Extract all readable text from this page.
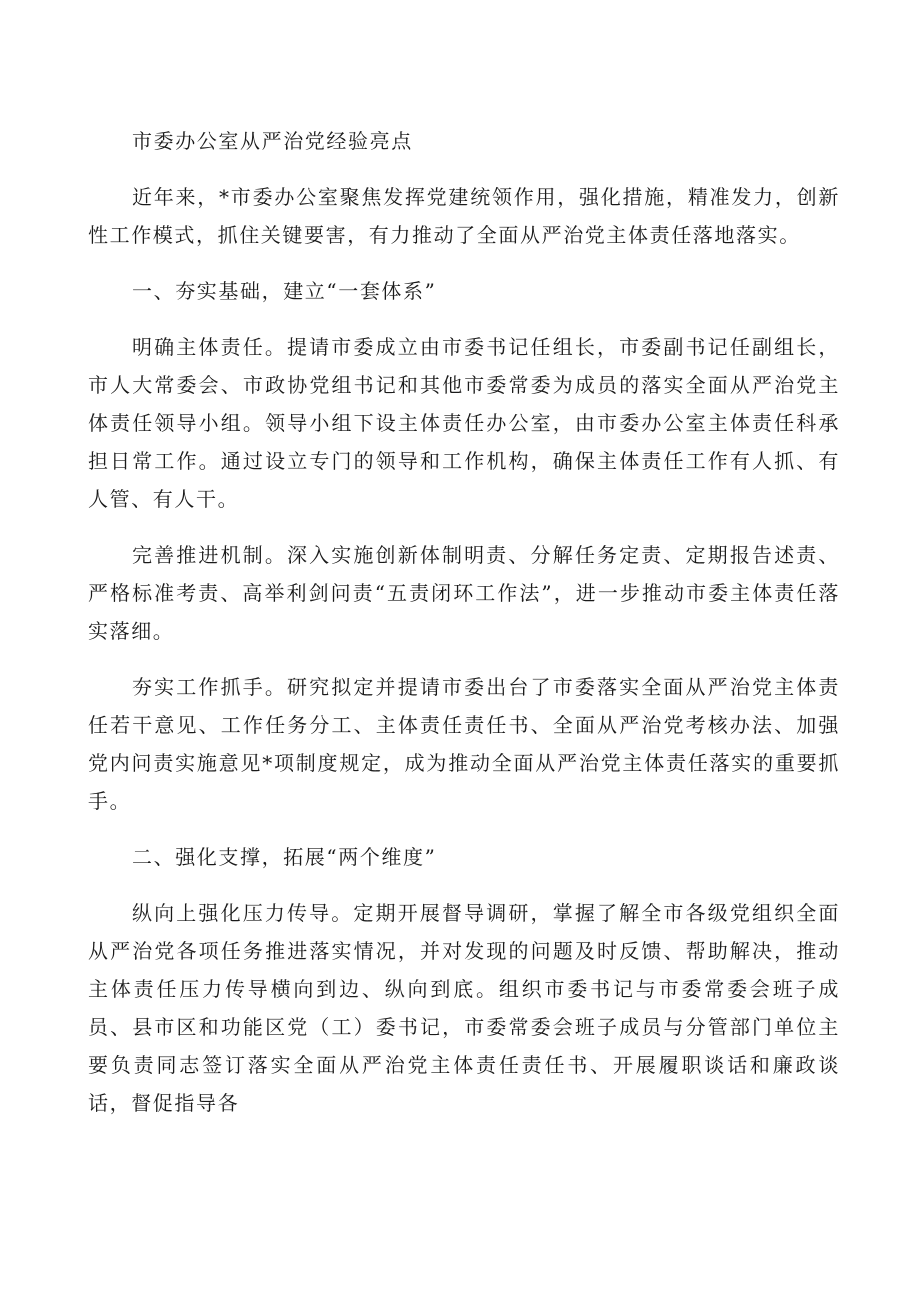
市委办公室从严治党经验亮点

近年来，*市委办公室聚焦发挥党建统领作用，强化措施，精准发力，创新性工作模式，抓住关键要害，有力推动了全面从严治党主体责任落地落实。

一、夯实基础，建立“一套体系”

明确主体责任。提请市委成立由市委书记任组长，市委副书记任副组长，市人大常委会、市政协党组书记和其他市委常委为成员的落实全面从严治党主体责任领导小组。领导小组下设主体责任办公室，由市委办公室主体责任科承担日常工作。通过设立专门的领导和工作机构，确保主体责任工作有人抓、有人管、有人干。

完善推进机制。深入实施创新体制明责、分解任务定责、定期报告述责、严格标准考责、高举利剑问责“五责闭环工作法”，进一步推动市委主体责任落实落细。

夯实工作抓手。研究拟定并提请市委出台了市委落实全面从严治党主体责任若干意见、工作任务分工、主体责任责任书、全面从严治党考核办法、加强党内问责实施意见*项制度规定，成为推动全面从严治党主体责任落实的重要抓手。

二、强化支撑，拓展“两个维度”

纵向上强化压力传导。定期开展督导调研，掌握了解全市各级党组织全面从严治党各项任务推进落实情况，并对发现的问题及时反馈、帮助解决，推动主体责任压力传导横向到边、纵向到底。组织市委书记与市委常委会班子成员、县市区和功能区党（工）委书记，市委常委会班子成员与分管部门单位主要负责同志签订落实全面从严治党主体责任责任书、开展履职谈话和廉政谈话，督促指导各
